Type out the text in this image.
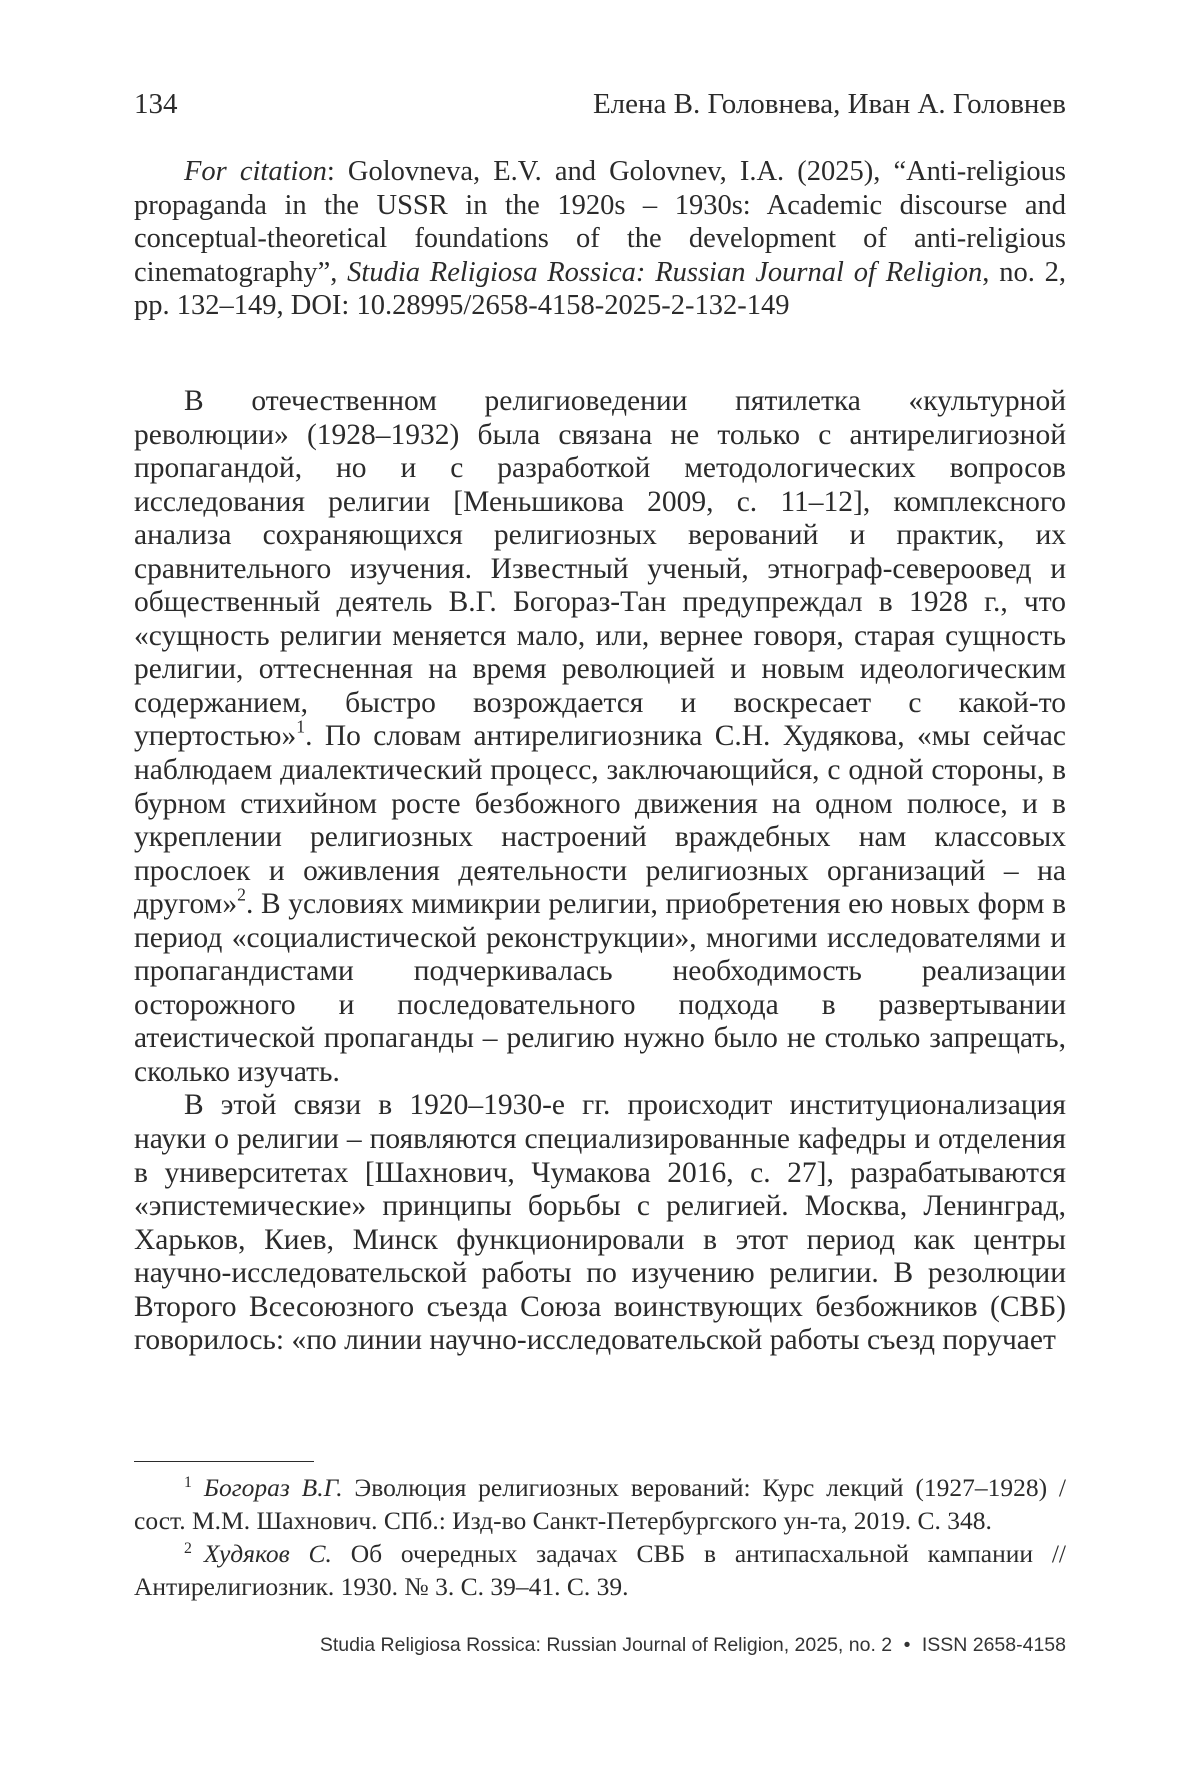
134	Елена В. Головнева, Иван А. Головнев

For citation: Golovneva, E.V. and Golovnev, I.A. (2025), “Anti-religious propaganda in the USSR in the 1920s – 1930s: Academic discourse and conceptual-theoretical foundations of the development of anti-religious cinematography”, Studia Religiosa Rossica: Russian Journal of Religion, no. 2, pp. 132–149, DOI: 10.28995/2658-4158-2025-2-132-149

В отечественном религиоведении пятилетка «культурной революции» (1928–1932) была связана не только с антирелигиозной пропагандой, но и с разработкой методологических вопросов исследования религии [Меньшикова 2009, с. 11–12], комплексного анализа сохраняющихся религиозных верований и практик, их сравнительного изучения. Известный ученый, этнограф-североовед и общественный деятель В.Г. Богораз-Тан предупреждал в 1928 г., что «сущность религии меняется мало, или, вернее говоря, старая сущность религии, оттесненная на время революцией и новым идеологическим содержанием, быстро возрождается и воскресает с какой-то упертостью»$^1$. По словам антирелигиозника С.Н. Худякова, «мы сейчас наблюдаем диалектический процесс, заключающийся, с одной стороны, в бурном стихийном росте безбожного движения на одном полюсе, и в укреплении религиозных настроений враждебных нам классовых прослоек и оживления деятельности религиозных организаций – на другом»$^2$. В условиях мимикрии религии, приобретения ею новых форм в период «социалистической реконструкции», многими исследователями и пропагандистами подчеркивалась необходимость реализации осторожного и последовательного подхода в развертывании атеистической пропаганды – религию нужно было не столько запрещать, сколько изучать.

В этой связи в 1920–1930-е гг. происходит институционализация науки о религии – появляются специализированные кафедры и отделения в университетах [Шахнович, Чумакова 2016, с. 27], разрабатываются «эпистемические» принципы борьбы с религией. Москва, Ленинград, Харьков, Киев, Минск функционировали в этот период как центры научно-исследовательской работы по изучению религии. В резолюции Второго Всесоюзного съезда Союза воинствующих безбожников (СВБ) говорилось: «по линии научно-исследовательской работы съезд поручает

$^1$ Богораз В.Г. Эволюция религиозных верований: Курс лекций (1927–1928) / сост. М.М. Шахнович. СПб.: Изд-во Санкт-Петербургского ун-та, 2019. С. 348.

$^2$ Худяков С. Об очередных задачах СВБ в антипасхальной кампании // Антирелигиозник. 1930. № 3. С. 39–41. С. 39.

Studia Religiosa Rossica: Russian Journal of Religion, 2025, no. 2 • ISSN 2658-4158
